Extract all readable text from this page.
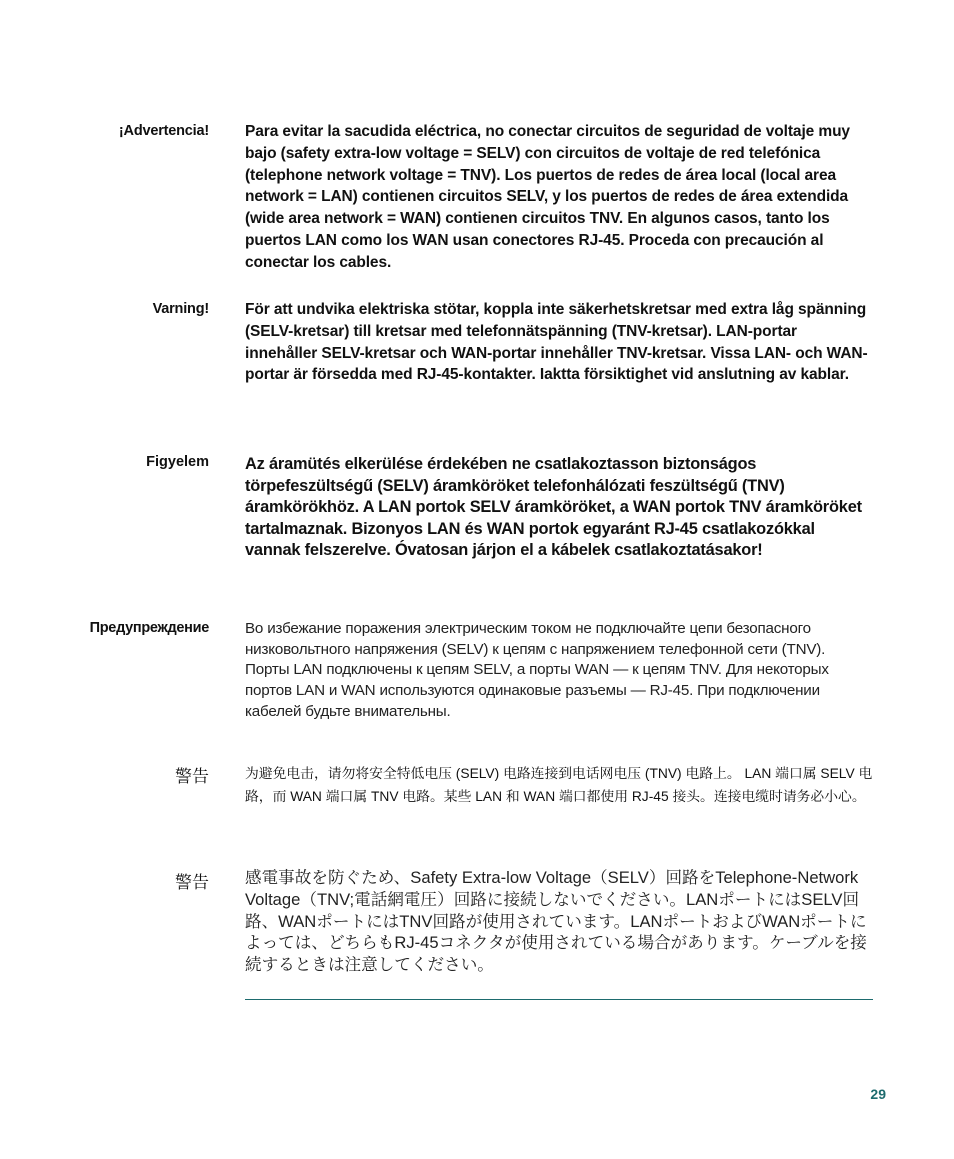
¡Advertencia! Para evitar la sacudida eléctrica, no conectar circuitos de seguridad de voltaje muy bajo (safety extra-low voltage = SELV) con circuitos de voltaje de red telefónica (telephone network voltage = TNV). Los puertos de redes de área local (local area network = LAN) contienen circuitos SELV, y los puertos de redes de área extendida (wide area network = WAN) contienen circuitos TNV. En algunos casos, tanto los puertos LAN como los WAN usan conectores RJ-45. Proceda con precaución al conectar los cables.
Varning! För att undvika elektriska stötar, koppla inte säkerhetskretsar med extra låg spänning (SELV-kretsar) till kretsar med telefonnätspänning (TNV-kretsar). LAN-portar innehåller SELV-kretsar och WAN-portar innehåller TNV-kretsar. Vissa LAN- och WAN-portar är försedda med RJ-45-kontakter. Iaktta försiktighet vid anslutning av kablar.
Figyelem Az áramütés elkerülése érdekében ne csatlakoztasson biztonságos törpefeszültségű (SELV) áramköröket telefonhálózati feszültségű (TNV) áramkörökhöz. A LAN portok SELV áramköröket, a WAN portok TNV áramköröket tartalmaznak. Bizonyos LAN és WAN portok egyaránt RJ-45 csatlakozókkal vannak felszerelve. Óvatosan járjon el a kábelek csatlakoztatásakor!
Предупреждение Во избежание поражения электрическим током не подключайте цепи безопасного низковольтного напряжения (SELV) к цепям с напряжением телефонной сети (TNV). Порты LAN подключены к цепям SELV, а порты WAN — к цепям TNV. Для некоторых портов LAN и WAN используются одинаковые разъемы — RJ-45. При подключении кабелей будьте внимательны.
警告	为避免电击，请勿将安全特低电压 (SELV) 电路连接到电话网电压 (TNV) 电路上。 LAN 端口属 SELV 电路，而 WAN 端口属 TNV 电路。某些 LAN 和 WAN 端口都使用 RJ-45 接头。连接电缆时请务必小心。
警告 感電事故を防ぐため、Safety Extra-low Voltage（SELV）回路をTelephone-Network Voltage（TNV;電話網電圧）回路に接続しないでください。LANポートにはSELV回路、WANポートにはTNV回路が使用されています。LANポートおよびWANポートによっては、どちらもRJ-45コネクタが使用されている場合があります。ケーブルを接続するときは注意してください。
29
